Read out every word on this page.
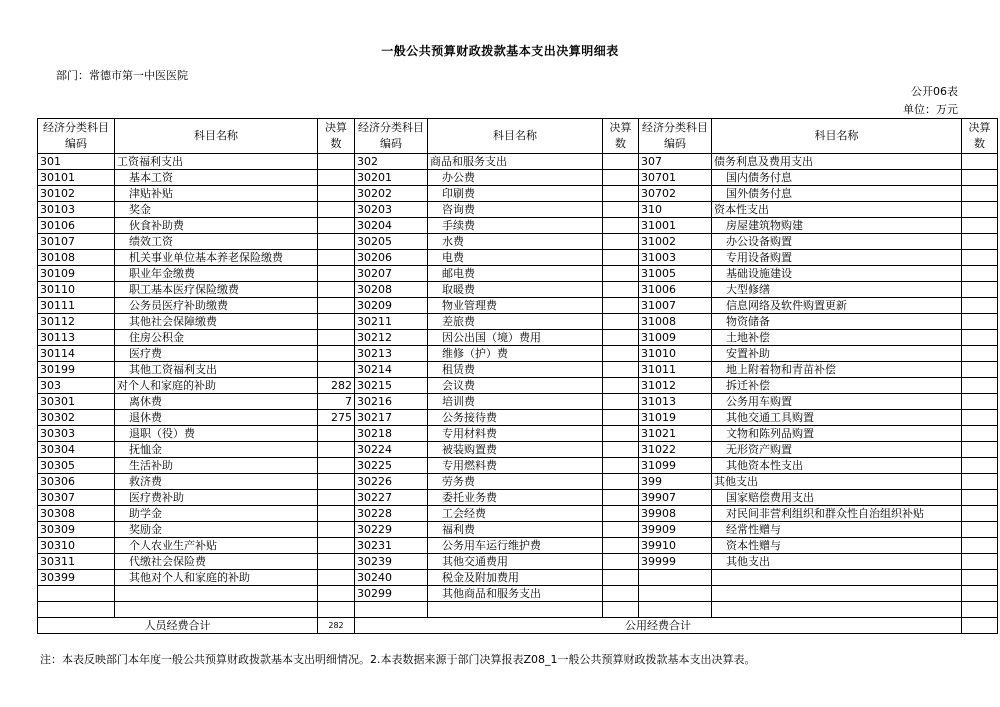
一般公共预算财政拨款基本支出决算明细表
部门：常德市第一中医医院
公开06表
单位：万元
经济分类科目编码	科目名称	决算数	经济分类科目编码	科目名称	决算数	经济分类科目编码	科目名称	决算数
301	工资福利支出		302	商品和服务支出		307	债务利息及费用支出	
30101	基本工资		30201	办公费		30701	国内债务付息	
30102	津贴补贴		30202	印刷费		30702	国外债务付息	
30103	奖金		30203	咨询费		310	资本性支出	
30106	伙食补助费		30204	手续费		31001	房屋建筑物购建	
30107	绩效工资		30205	水费		31002	办公设备购置	
30108	机关事业单位基本养老保险缴费		30206	电费		31003	专用设备购置	
30109	职业年金缴费		30207	邮电费		31005	基础设施建设	
30110	职工基本医疗保险缴费		30208	取暖费		31006	大型修缮	
30111	公务员医疗补助缴费		30209	物业管理费		31007	信息网络及软件购置更新	
30112	其他社会保障缴费		30211	差旅费		31008	物资储备	
30113	住房公积金		30212	因公出国（境）费用		31009	土地补偿	
30114	医疗费		30213	维修（护）费		31010	安置补助	
30199	其他工资福利支出		30214	租赁费		31011	地上附着物和青苗补偿	
303	对个人和家庭的补助	282	30215	会议费		31012	拆迁补偿	
30301	离休费	7	30216	培训费		31013	公务用车购置	
30302	退休费	275	30217	公务接待费		31019	其他交通工具购置	
30303	退职（役）费		30218	专用材料费		31021	文物和陈列品购置	
30304	抚恤金		30224	被装购置费		31022	无形资产购置	
30305	生活补助		30225	专用燃料费		31099	其他资本性支出	
30306	救济费		30226	劳务费		399	其他支出	
30307	医疗费补助		30227	委托业务费		39907	国家赔偿费用支出	
30308	助学金		30228	工会经费		39908	对民间非营利组织和群众性自治组织补贴	
30309	奖励金		30229	福利费		39909	经常性赠与	
30310	个人农业生产补贴		30231	公务用车运行维护费		39910	资本性赠与	
30311	代缴社会保险费		30239	其他交通费用		39999	其他支出	
30399	其他对个人和家庭的补助		30240	税金及附加费用				
			30299	其他商品和服务支出				

人员经费合计		282	公用经费合计					
注：本表反映部门本年度一般公共预算财政拨款基本支出明细情况。2.本表数据来源于部门决算报表Z08_1一般公共预算财政拨款基本支出决算表。
